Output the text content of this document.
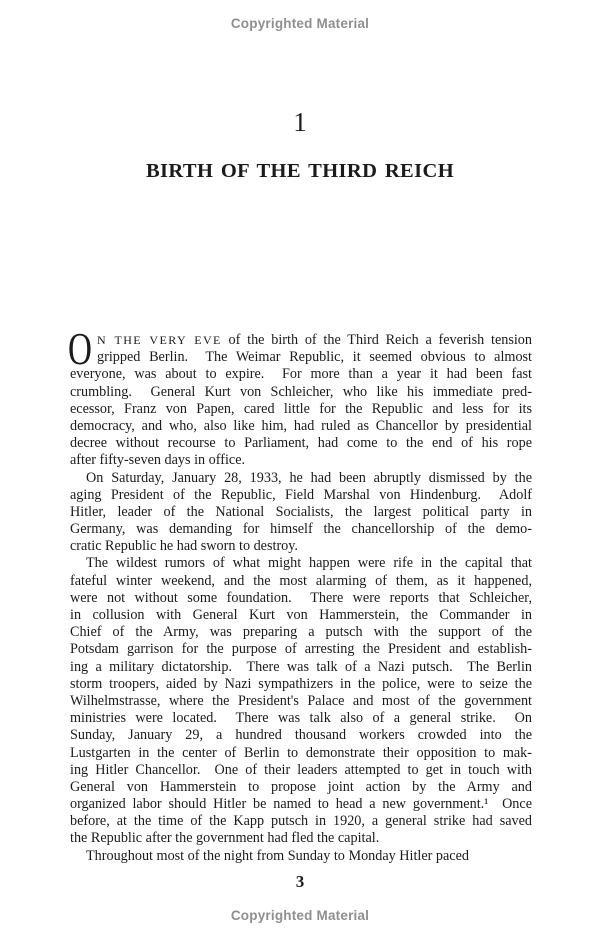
Copyrighted Material
1
BIRTH OF THE THIRD REICH
O N THE VERY EVE of the birth of the Third Reich a feverish tension
gripped Berlin.  The Weimar Republic, it seemed obvious to almost
everyone, was about to expire.  For more than a year it had been fast
crumbling.  General Kurt von Schleicher, who like his immediate pred-
ecessor, Franz von Papen, cared little for the Republic and less for its
democracy, and who, also like him, had ruled as Chancellor by presidential
decree without recourse to Parliament, had come to the end of his rope
after fifty-seven days in office.
On Saturday, January 28, 1933, he had been abruptly dismissed by the
aging President of the Republic, Field Marshal von Hindenburg.  Adolf
Hitler, leader of the National Socialists, the largest political party in
Germany, was demanding for himself the chancellorship of the demo-
cratic Republic he had sworn to destroy.
The wildest rumors of what might happen were rife in the capital that
fateful winter weekend, and the most alarming of them, as it happened,
were not without some foundation.  There were reports that Schleicher,
in collusion with General Kurt von Hammerstein, the Commander in
Chief of the Army, was preparing a putsch with the support of the
Potsdam garrison for the purpose of arresting the President and establish-
ing a military dictatorship.  There was talk of a Nazi putsch.  The Berlin
storm troopers, aided by Nazi sympathizers in the police, were to seize the
Wilhelmstrasse, where the President's Palace and most of the government
ministries were located.  There was talk also of a general strike.  On
Sunday, January 29, a hundred thousand workers crowded into the
Lustgarten in the center of Berlin to demonstrate their opposition to mak-
ing Hitler Chancellor.  One of their leaders attempted to get in touch with
General von Hammerstein to propose joint action by the Army and
organized labor should Hitler be named to head a new government.¹  Once
before, at the time of the Kapp putsch in 1920, a general strike had saved
the Republic after the government had fled the capital.
Throughout most of the night from Sunday to Monday Hitler paced
3
Copyrighted Material
